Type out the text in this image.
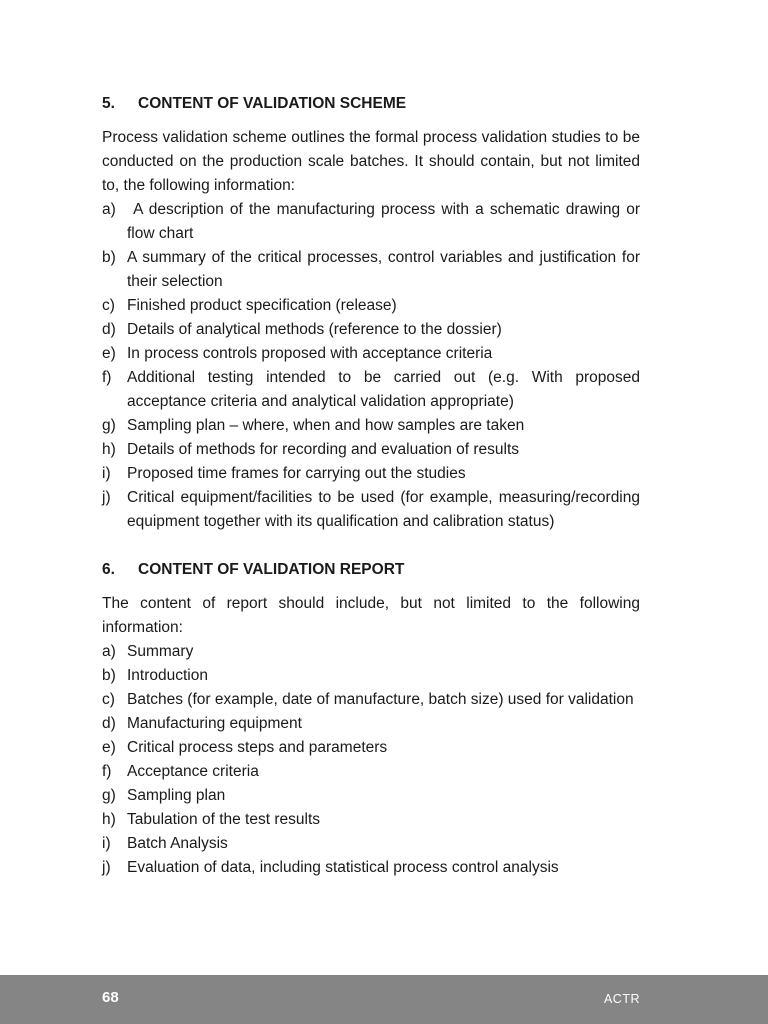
5.	CONTENT OF VALIDATION SCHEME

Process validation scheme outlines the formal process validation studies to be conducted on the production scale batches. It should contain, but not limited to, the following information:

a) A description of the manufacturing process with a schematic drawing or flow chart
b) A summary of the critical processes, control variables and justification for their selection
c) Finished product specification (release)
d) Details of analytical methods (reference to the dossier)
e) In process controls proposed with acceptance criteria
f)	Additional testing intended to be carried out (e.g. With proposed acceptance criteria and analytical validation appropriate)
g) Sampling plan – where, when and how samples are taken
h) Details of methods for recording and evaluation of results
i)	Proposed time frames for carrying out the studies
j)	Critical equipment/facilities to be used (for example, measuring/recording equipment together with its qualification and calibration status)
6.	CONTENT OF VALIDATION REPORT

The content of report should include, but not limited to the following information:

a) Summary
b) Introduction
c) Batches (for example, date of manufacture, batch size) used for validation
d) Manufacturing equipment
e) Critical process steps and parameters
f)	Acceptance criteria
g) Sampling plan
h) Tabulation of the test results
i)	Batch Analysis
j)	Evaluation of data, including statistical process control analysis
68	ACTR
